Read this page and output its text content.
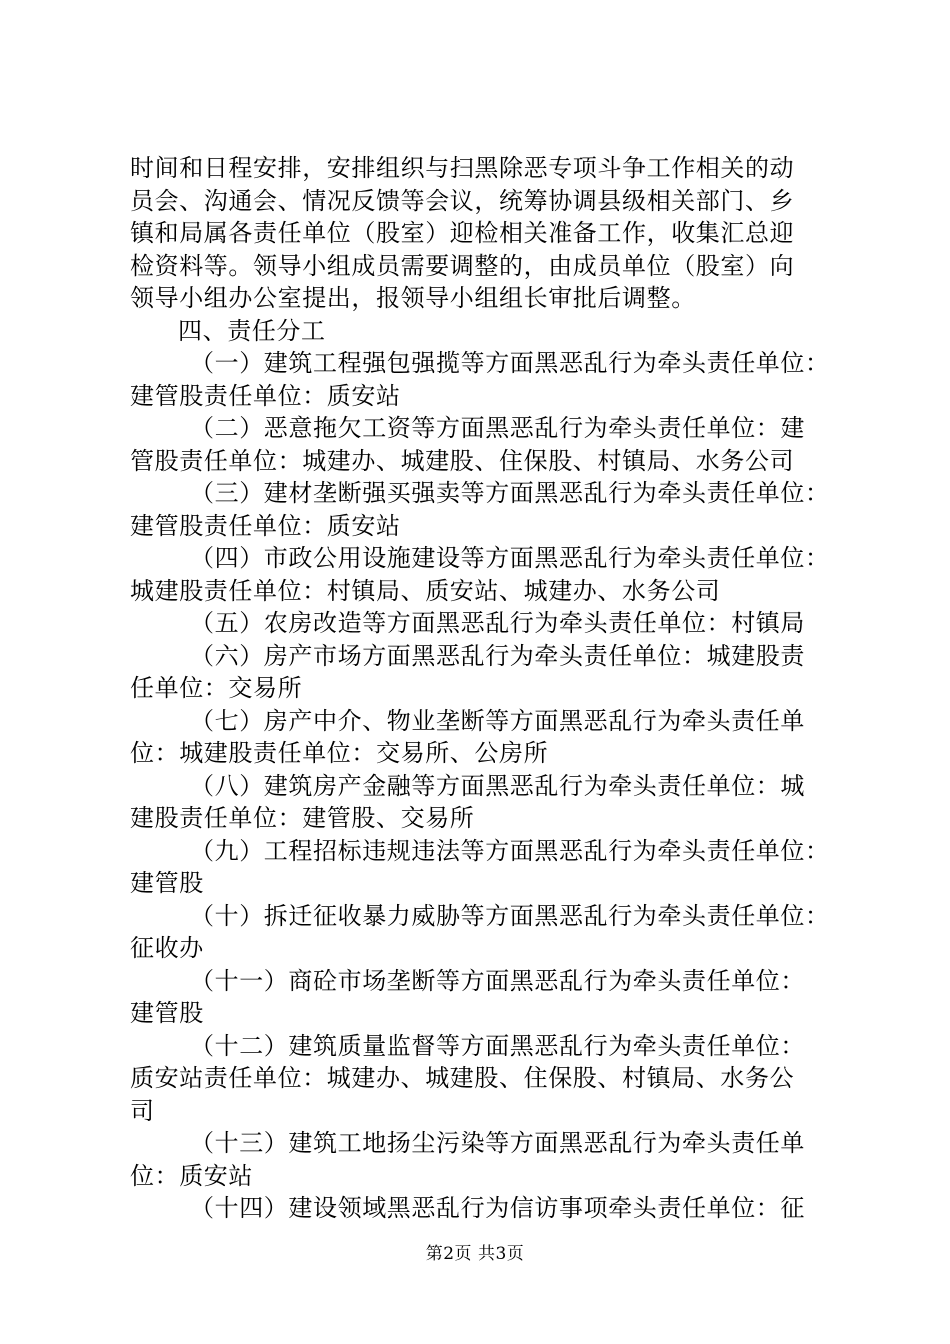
时间和日程安排，安排组织与扫黑除恶专项斗争工作相关的动
员会、沟通会、情况反馈等会议，统筹协调县级相关部门、乡
镇和局属各责任单位（股室）迎检相关准备工作，收集汇总迎
检资料等。领导小组成员需要调整的，由成员单位（股室）向
领导小组办公室提出，报领导小组组长审批后调整。
四、责任分工
（一）建筑工程强包强揽等方面黑恶乱行为牵头责任单位：
建管股责任单位：质安站
（二）恶意拖欠工资等方面黑恶乱行为牵头责任单位：建
管股责任单位：城建办、城建股、住保股、村镇局、水务公司
（三）建材垄断强买强卖等方面黑恶乱行为牵头责任单位：
建管股责任单位：质安站
（四）市政公用设施建设等方面黑恶乱行为牵头责任单位：
城建股责任单位：村镇局、质安站、城建办、水务公司
（五）农房改造等方面黑恶乱行为牵头责任单位：村镇局
（六）房产市场方面黑恶乱行为牵头责任单位：城建股责
任单位：交易所
（七）房产中介、物业垄断等方面黑恶乱行为牵头责任单
位：城建股责任单位：交易所、公房所
（八）建筑房产金融等方面黑恶乱行为牵头责任单位：城
建股责任单位：建管股、交易所
（九）工程招标违规违法等方面黑恶乱行为牵头责任单位：
建管股
（十）拆迁征收暴力威胁等方面黑恶乱行为牵头责任单位：
征收办
（十一）商砼市场垄断等方面黑恶乱行为牵头责任单位：
建管股
（十二）建筑质量监督等方面黑恶乱行为牵头责任单位：
质安站责任单位：城建办、城建股、住保股、村镇局、水务公
司
（十三）建筑工地扬尘污染等方面黑恶乱行为牵头责任单
位：质安站
（十四）建设领域黑恶乱行为信访事项牵头责任单位：征
第2页 共3页
